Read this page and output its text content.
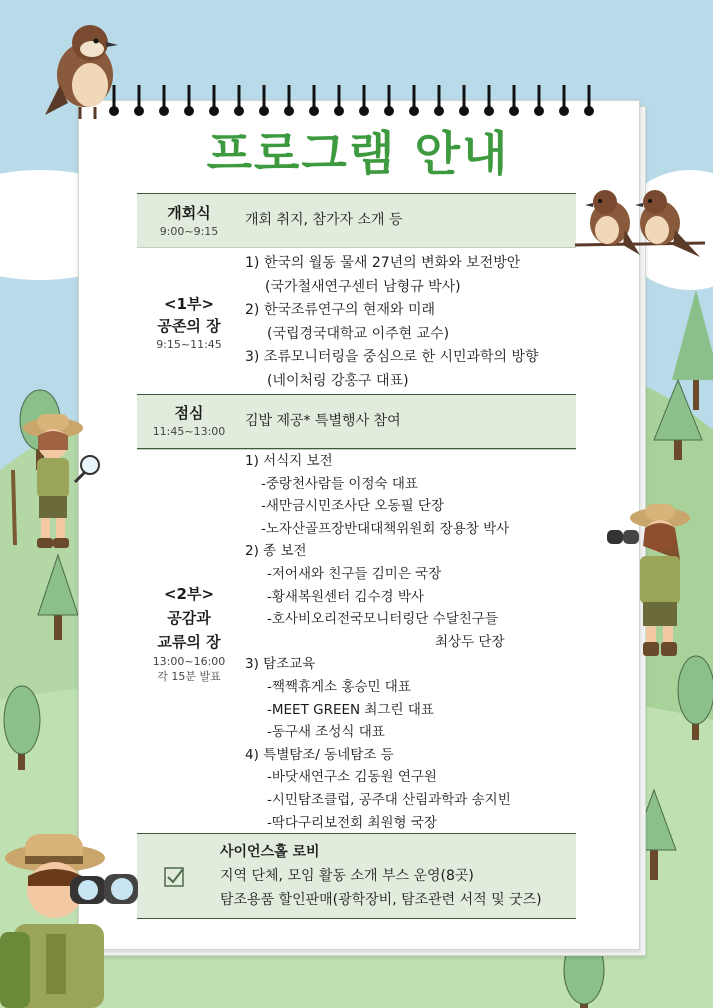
프로그램 안내
개회식
9:00~9:15
개회 취지, 참가자 소개 등
<1부>
공존의 장
9:15~11:45
1) 한국의 월동 물새 27년의 변화와 보전방안
(국가철새연구센터 남형규 박사)
2) 한국조류연구의 현재와 미래
(국립경국대학교 이주현 교수)
3) 조류모니터링을 중심으로 한 시민과학의 방향
(네이처링 강홍구 대표)
점심
11:45~13:00
김밥 제공* 특별행사 참여
<2부>
공감과
교류의 장
13:00~16:00
각 15분 발표
1) 서식지 보전
-중랑천사람들 이정숙 대표
-새만금시민조사단 오동필 단장
-노자산골프장반대대책위원회 장용창 박사
2) 종 보전
-저어새와 친구들 김미은 국장
-황새복원센터 김수경 박사
-호사비오리전국모니터링단 수달친구들
최상두 단장
3) 탐조교육
-짹짹휴게소 홍승민 대표
-MEET GREEN 최그린 대표
-동구새 조성식 대표
4) 특별탐조/ 동네탐조 등
-바닷새연구소 김동원 연구원
-시민탐조클럽, 공주대 산림과학과 송지빈
-딱다구리보전회 최원형 국장
사이언스홀 로비
지역 단체, 모임 활동 소개 부스 운영(8곳)
탐조용품 할인판매(광학장비, 탐조관련 서적 및 굿즈)
